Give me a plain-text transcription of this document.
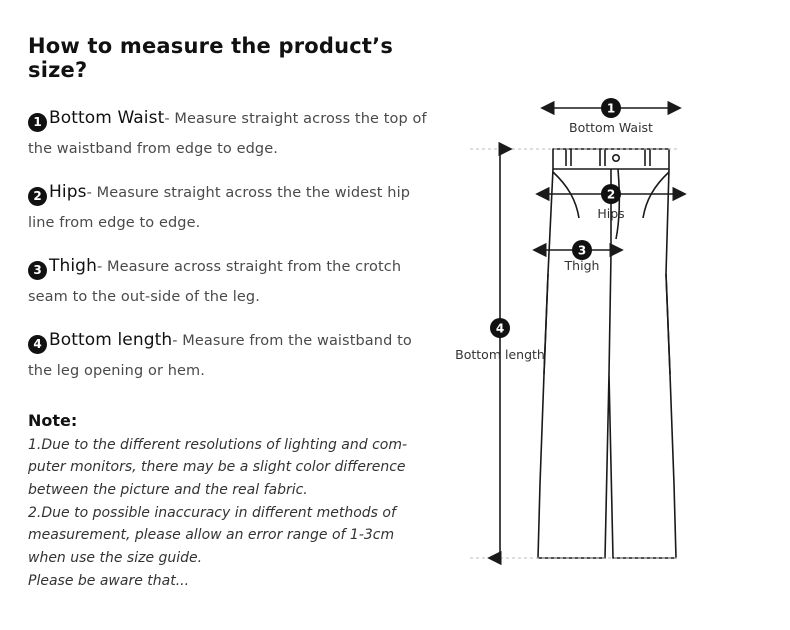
How to measure the product’s size?
1 Bottom Waist- Measure straight across the top of the waistband from edge to edge.
2 Hips- Measure straight across the the widest hip line from edge to edge.
3 Thigh- Measure across straight from the crotch seam to the out-side of the leg.
4 Bottom length- Measure from the waistband to the leg opening or hem.
Note:
1.Due to the different resolutions of lighting and com-
puter monitors, there may be a slight color difference
between the picture and the real fabric.
2.Due to possible inaccuracy in different methods of
measurement, please allow an error range of 1-3cm
when use the size guide.
Please be aware that...
1
Bottom Waist
2
Hips
3
Thigh
4
Bottom length
